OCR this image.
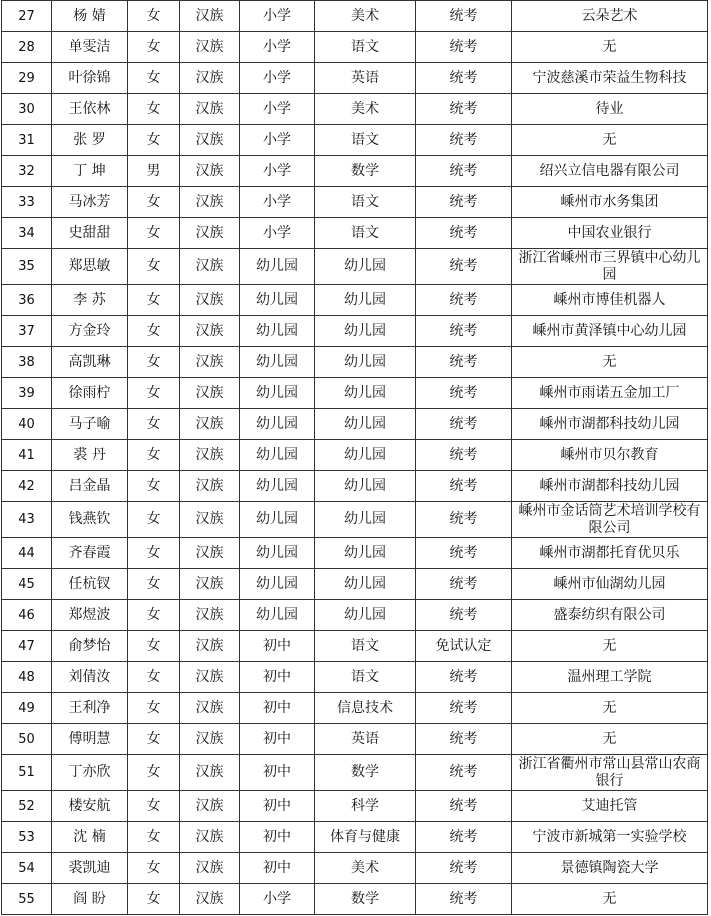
27	杨 婧	女	汉族	小学	美术	统考	云朵艺术
28	单雯洁	女	汉族	小学	语文	统考	无
29	叶徐锦	女	汉族	小学	英语	统考	宁波慈溪市荣益生物科技
30	王依林	女	汉族	小学	美术	统考	待业
31	张 罗	女	汉族	小学	语文	统考	无
32	丁 坤	男	汉族	小学	数学	统考	绍兴立信电器有限公司
33	马冰芳	女	汉族	小学	语文	统考	嵊州市水务集团
34	史甜甜	女	汉族	小学	语文	统考	中国农业银行
35	郑思敏	女	汉族	幼儿园	幼儿园	统考	浙江省嵊州市三界镇中心幼儿园
36	李 苏	女	汉族	幼儿园	幼儿园	统考	嵊州市博佳机器人
37	方金玲	女	汉族	幼儿园	幼儿园	统考	嵊州市黄泽镇中心幼儿园
38	高凯琳	女	汉族	幼儿园	幼儿园	统考	无
39	徐雨柠	女	汉族	幼儿园	幼儿园	统考	嵊州市雨诺五金加工厂
40	马子喻	女	汉族	幼儿园	幼儿园	统考	嵊州市湖都科技幼儿园
41	裘 丹	女	汉族	幼儿园	幼儿园	统考	嵊州市贝尔教育
42	吕金晶	女	汉族	幼儿园	幼儿园	统考	嵊州市湖都科技幼儿园
43	钱燕钦	女	汉族	幼儿园	幼儿园	统考	嵊州市金话筒艺术培训学校有限公司
44	齐春霞	女	汉族	幼儿园	幼儿园	统考	嵊州市湖都托育优贝乐
45	任杭钗	女	汉族	幼儿园	幼儿园	统考	嵊州市仙湖幼儿园
46	郑煜波	女	汉族	幼儿园	幼儿园	统考	盛泰纺织有限公司
47	俞梦怡	女	汉族	初中	语文	免试认定	无
48	刘倩汝	女	汉族	初中	语文	统考	温州理工学院
49	王利净	女	汉族	初中	信息技术	统考	无
50	傅明慧	女	汉族	初中	英语	统考	无
51	丁亦欣	女	汉族	初中	数学	统考	浙江省衢州市常山县常山农商银行
52	楼安航	女	汉族	初中	科学	统考	艾迪托管
53	沈 楠	女	汉族	初中	体育与健康	统考	宁波市新城第一实验学校
54	裘凯迪	女	汉族	初中	美术	统考	景德镇陶瓷大学
55	阎 盼	女	汉族	小学	数学	统考	无
